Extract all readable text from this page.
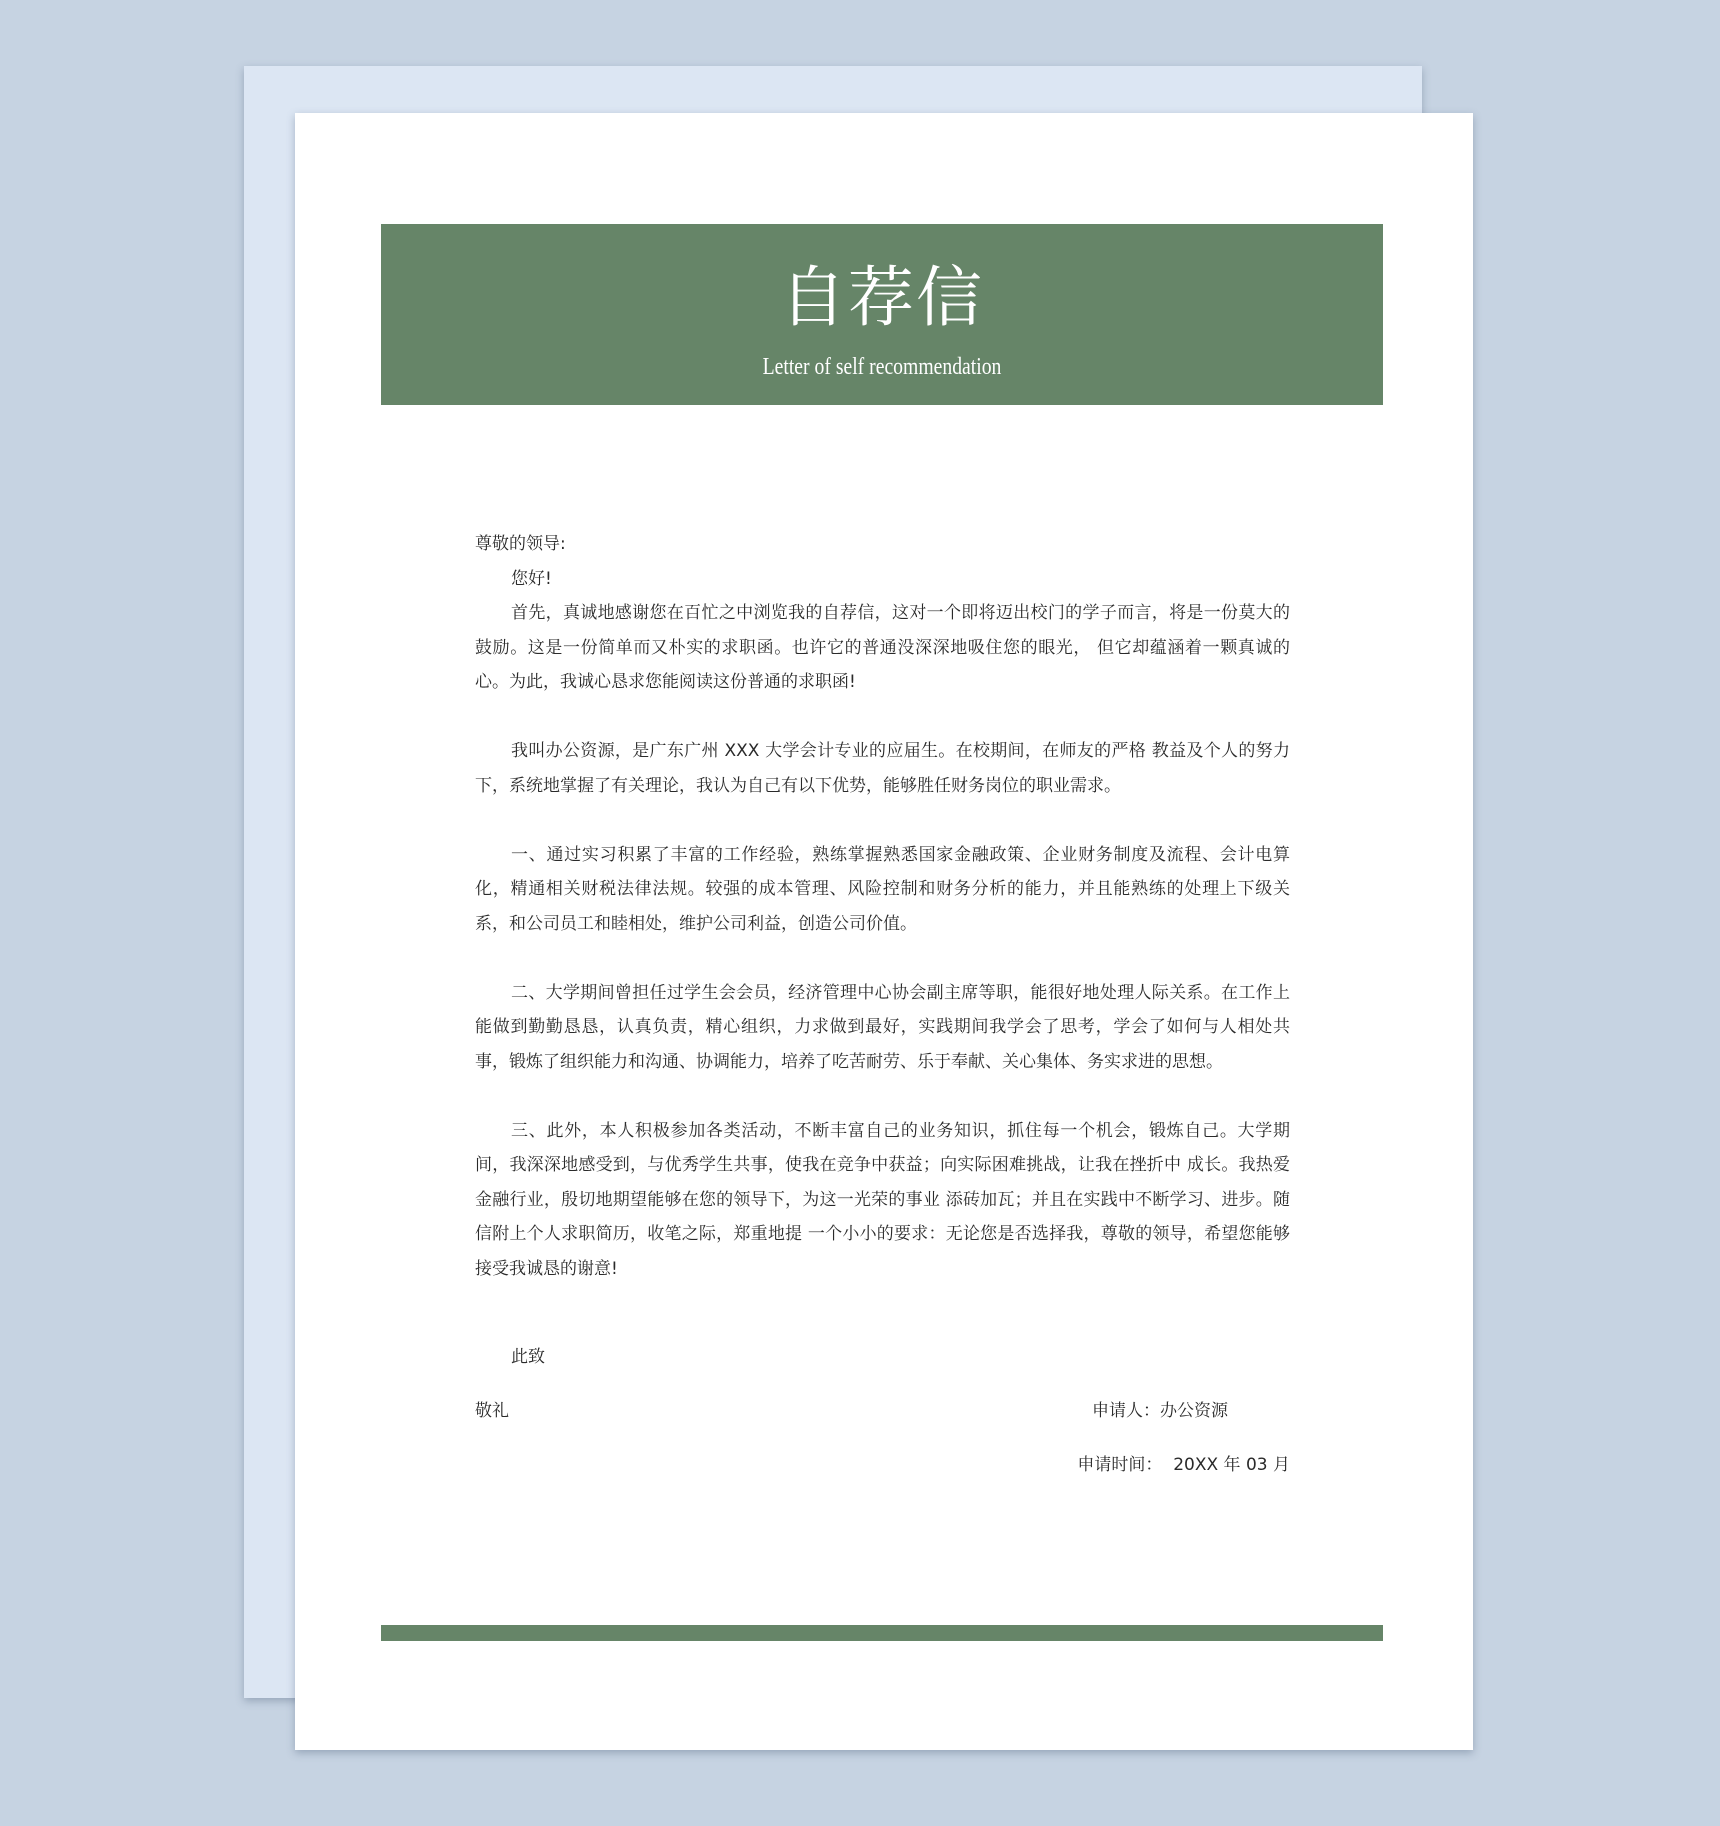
自荐信
Letter of self recommendation

尊敬的领导:

您好!

首先，真诚地感谢您在百忙之中浏览我的自荐信，这对一个即将迈出校门的学子而言，将是一份莫大的鼓励。这是一份简单而又朴实的求职函。也许它的普通没深深地吸住您的眼光， 但它却蕴涵着一颗真诚的心。为此，我诚心恳求您能阅读这份普通的求职函!

我叫办公资源，是广东广州 XXX 大学会计专业的应届生。在校期间，在师友的严格 教益及个人的努力下，系统地掌握了有关理论，我认为自己有以下优势，能够胜任财务岗位的职业需求。

一、通过实习积累了丰富的工作经验，熟练掌握熟悉国家金融政策、企业财务制度及流程、会计电算化，精通相关财税法律法规。较强的成本管理、风险控制和财务分析的能力，并且能熟练的处理上下级关系，和公司员工和睦相处，维护公司利益，创造公司价值。

二、大学期间曾担任过学生会会员，经济管理中心协会副主席等职，能很好地处理人际关系。在工作上能做到勤勤恳恳，认真负责，精心组织，力求做到最好，实践期间我学会了思考，学会了如何与人相处共事，锻炼了组织能力和沟通、协调能力，培养了吃苦耐劳、乐于奉献、关心集体、务实求进的思想。

三、此外，本人积极参加各类活动，不断丰富自己的业务知识，抓住每一个机会，锻炼自己。大学期间，我深深地感受到，与优秀学生共事，使我在竞争中获益；向实际困难挑战，让我在挫折中 成长。我热爱金融行业，殷切地期望能够在您的领导下，为这一光荣的事业 添砖加瓦；并且在实践中不断学习、进步。随信附上个人求职简历，收笔之际，郑重地提 一个小小的要求：无论您是否选择我，尊敬的领导，希望您能够接受我诚恳的谢意!

此致

敬礼	申请人：办公资源
申请时间：  20XX 年 03 月
